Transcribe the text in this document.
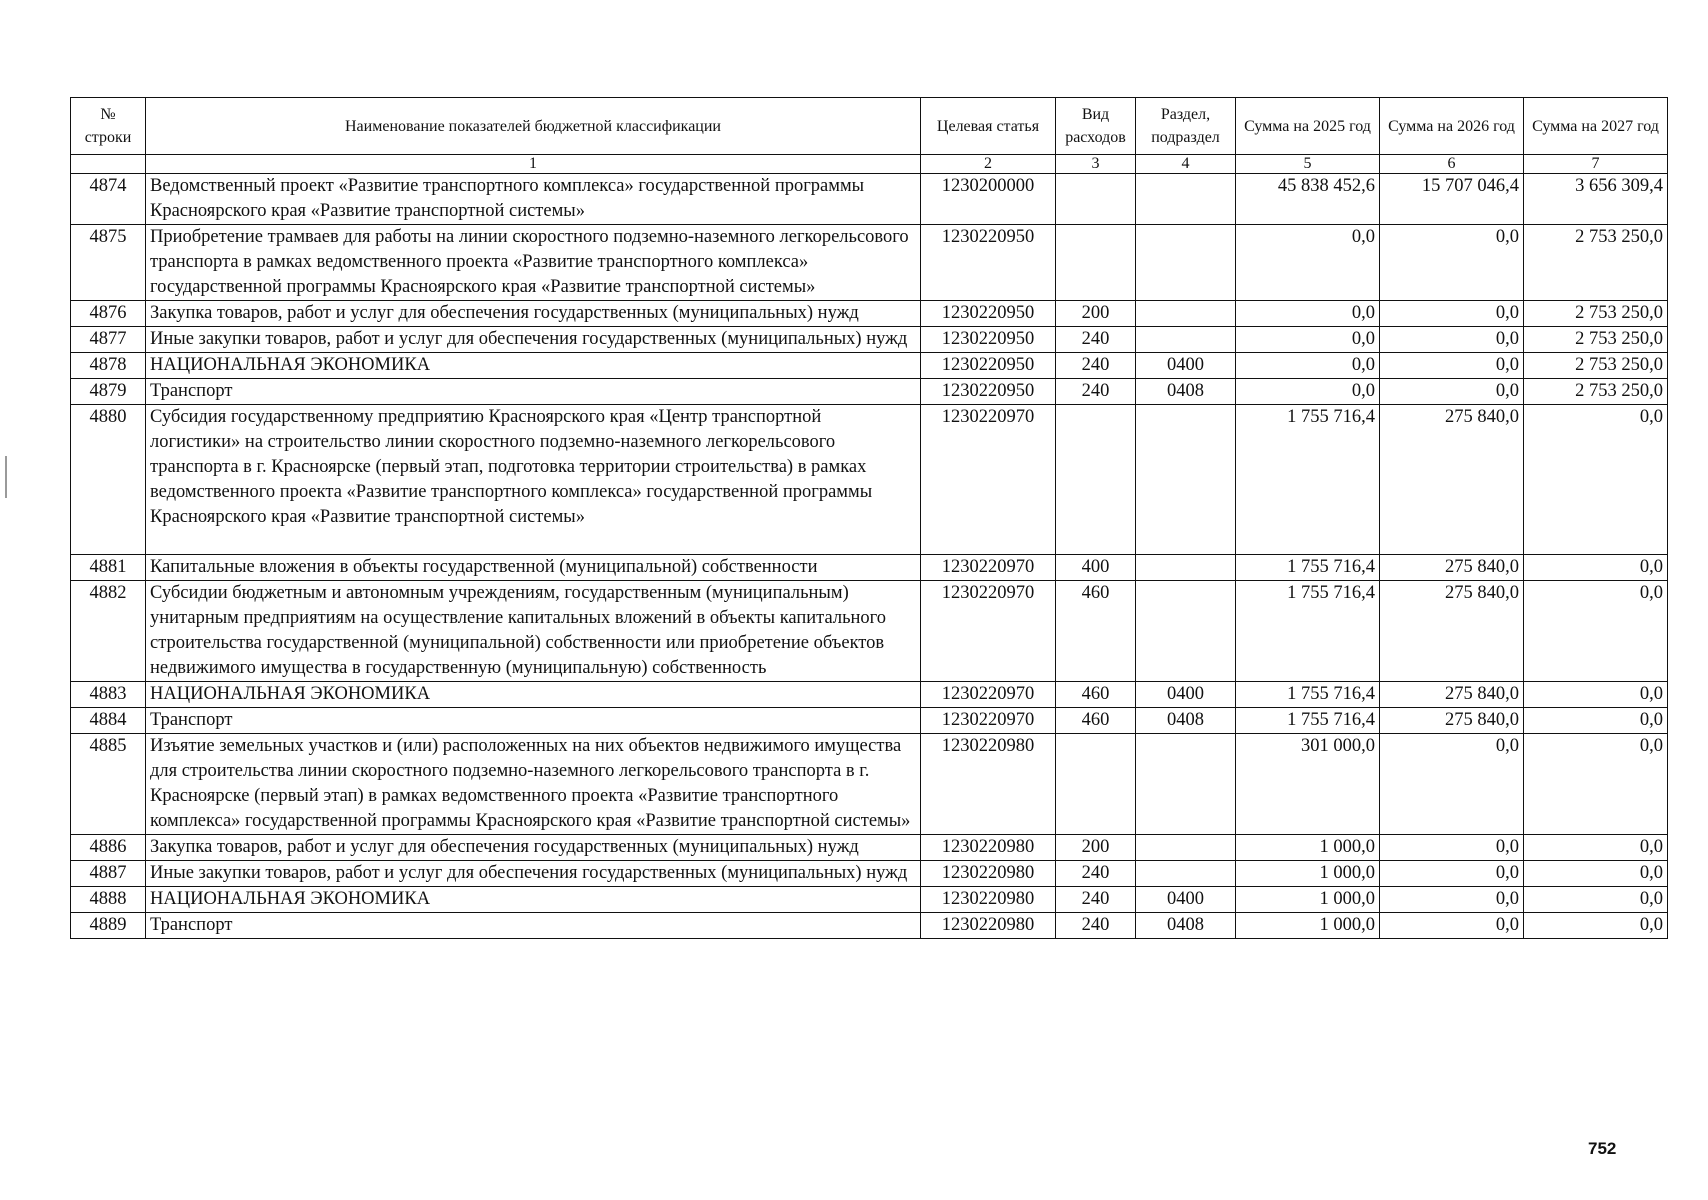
№
строки	Наименование показателей бюджетной классификации	Целевая статья	Вид расходов	Раздел, подраздел	Сумма на 2025 год	Сумма на 2026 год	Сумма на 2027 год
	1	2	3	4	5	6	7
4874	Ведомственный проект «Развитие транспортного комплекса» государственной программы Красноярского края «Развитие транспортной системы»	1230200000			45 838 452,6	15 707 046,4	3 656 309,4
4875	Приобретение трамваев для работы на линии скоростного подземно-наземного легкорельсового транспорта в рамках ведомственного проекта «Развитие транспортного комплекса» государственной программы Красноярского края «Развитие транспортной системы»	1230220950			0,0	0,0	2 753 250,0
4876	Закупка товаров, работ и услуг для обеспечения государственных (муниципальных) нужд	1230220950	200		0,0	0,0	2 753 250,0
4877	Иные закупки товаров, работ и услуг для обеспечения государственных (муниципальных) нужд	1230220950	240		0,0	0,0	2 753 250,0
4878	НАЦИОНАЛЬНАЯ ЭКОНОМИКА	1230220950	240	0400	0,0	0,0	2 753 250,0
4879	Транспорт	1230220950	240	0408	0,0	0,0	2 753 250,0
4880	Субсидия государственному предприятию Красноярского края «Центр транспортной логистики» на строительство линии скоростного подземно-наземного легкорельсового транспорта в г. Красноярске (первый этап, подготовка территории строительства) в рамках ведомственного проекта «Развитие транспортного комплекса» государственной программы Красноярского края «Развитие транспортной системы»	1230220970			1 755 716,4	275 840,0	0,0
4881	Капитальные вложения в объекты государственной (муниципальной) собственности	1230220970	400		1 755 716,4	275 840,0	0,0
4882	Субсидии бюджетным и автономным учреждениям, государственным (муниципальным) унитарным предприятиям на осуществление капитальных вложений в объекты капитального строительства государственной (муниципальной) собственности или приобретение объектов недвижимого имущества в государственную (муниципальную) собственность	1230220970	460		1 755 716,4	275 840,0	0,0
4883	НАЦИОНАЛЬНАЯ ЭКОНОМИКА	1230220970	460	0400	1 755 716,4	275 840,0	0,0
4884	Транспорт	1230220970	460	0408	1 755 716,4	275 840,0	0,0
4885	Изъятие земельных участков и (или) расположенных на них объектов недвижимого имущества для строительства линии скоростного подземно-наземного легкорельсового транспорта в г. Красноярске (первый этап) в рамках ведомственного проекта «Развитие транспортного комплекса» государственной программы Красноярского края «Развитие транспортной системы»	1230220980			301 000,0	0,0	0,0
4886	Закупка товаров, работ и услуг для обеспечения государственных (муниципальных) нужд	1230220980	200		1 000,0	0,0	0,0
4887	Иные закупки товаров, работ и услуг для обеспечения государственных (муниципальных) нужд	1230220980	240		1 000,0	0,0	0,0
4888	НАЦИОНАЛЬНАЯ ЭКОНОМИКА	1230220980	240	0400	1 000,0	0,0	0,0
4889	Транспорт	1230220980	240	0408	1 000,0	0,0	0,0
752
